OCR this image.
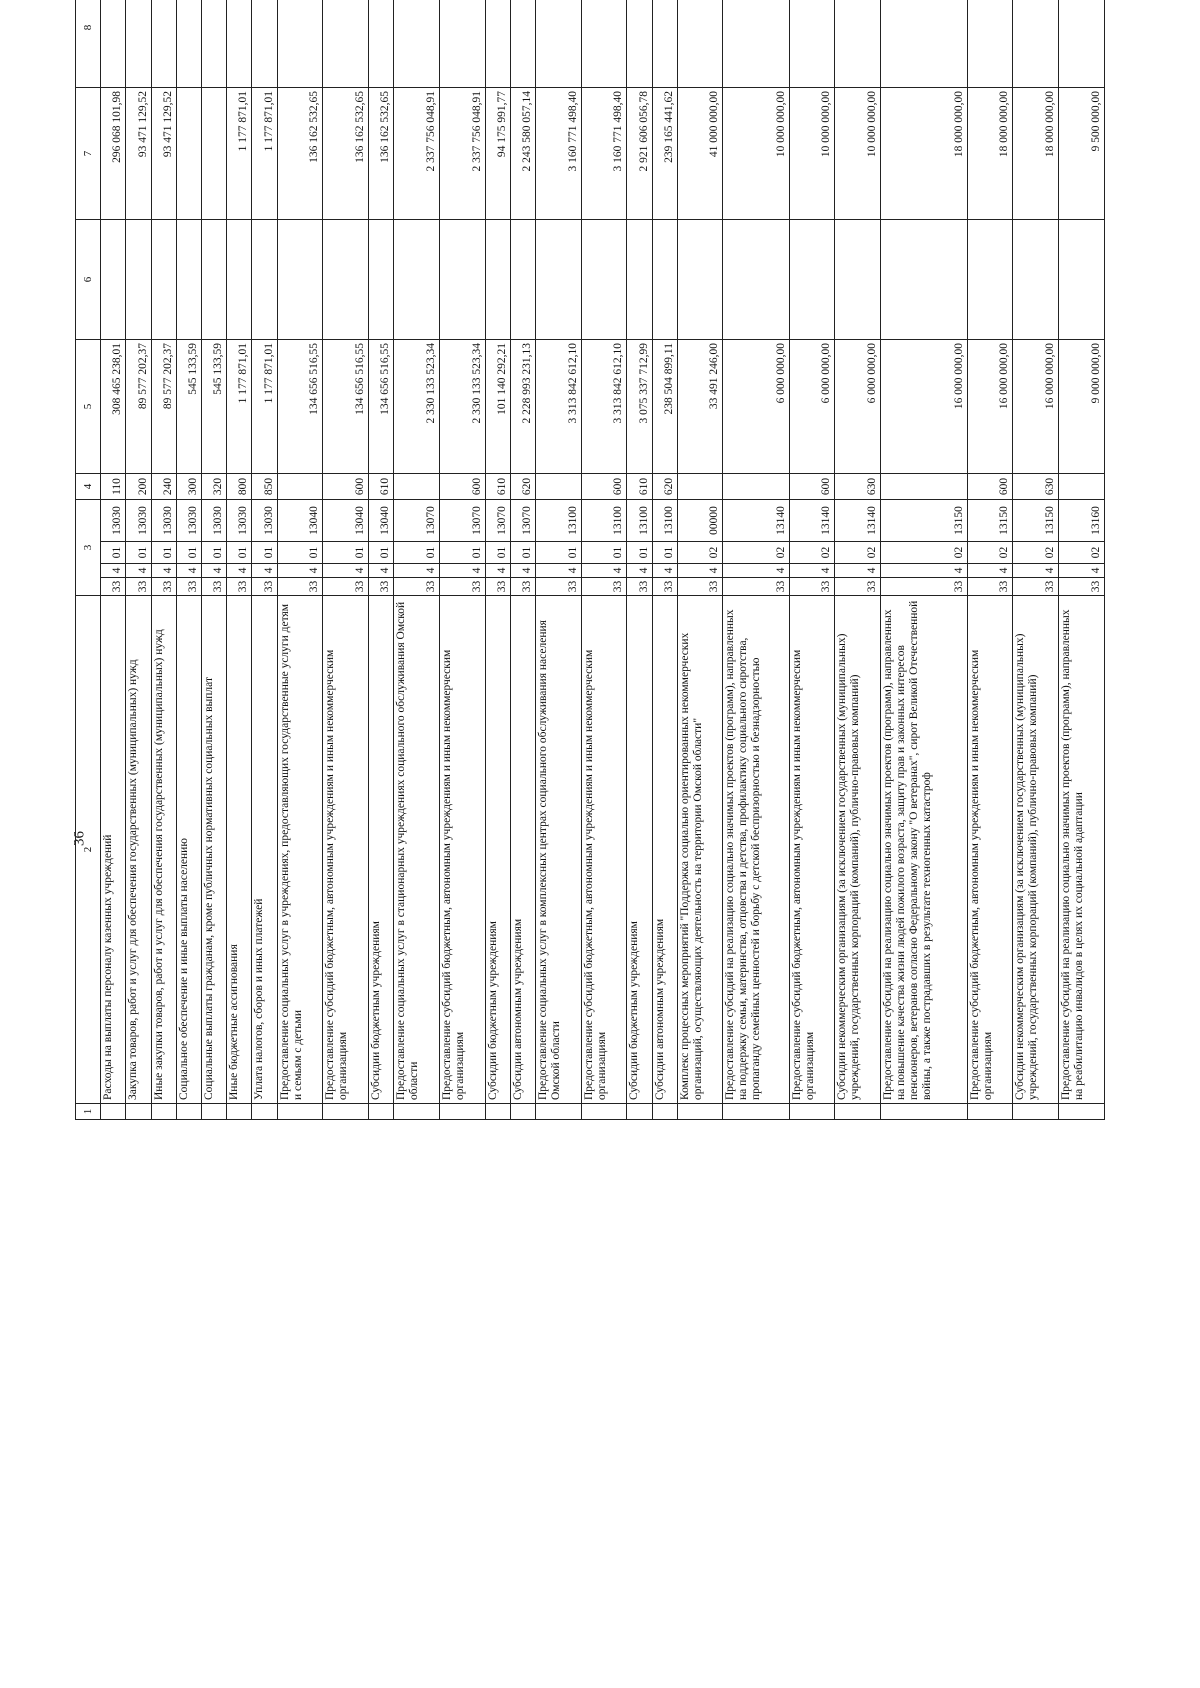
36
1	2	3				4	5	6	7	8		
	Расходы на выплаты персоналу казенных учреждений	33	4	01	13030	110	308 465 238,01		296 068 101,98			
	Закупка товаров, работ и услуг для обеспечения государственных (муниципальных) нужд	33	4	01	13030	200	89 577 202,37		93 471 129,52			
	Иные закупки товаров, работ и услуг для обеспечения государственных (муниципальных) нужд	33	4	01	13030	240	89 577 202,37		93 471 129,52			
	Социальное обеспечение и иные выплаты населению	33	4	01	13030	300	545 133,59					
	Социальные выплаты гражданам, кроме публичных нормативных социальных выплат	33	4	01	13030	320	545 133,59					
	Иные бюджетные ассигнования	33	4	01	13030	800	1 177 871,01		1 177 871,01			
	Уплата налогов, сборов и иных платежей	33	4	01	13030	850	1 177 871,01		1 177 871,01			
	Предоставление социальных услуг в учреждениях, предоставляющих государственные услуги детям и семьям с детьми	33	4	01	13040		134 656 516,55		136 162 532,65			
	Предоставление субсидий бюджетным, автономным учреждениям и иным некоммерческим организациям	33	4	01	13040	600	134 656 516,55		136 162 532,65			
	Субсидии бюджетным учреждениям	33	4	01	13040	610	134 656 516,55		136 162 532,65			
	Предоставление социальных услуг в стационарных учреждениях социального обслуживания Омской области	33	4	01	13070		2 330 133 523,34		2 337 756 048,91			
	Предоставление субсидий бюджетным, автономным учреждениям и иным некоммерческим организациям	33	4	01	13070	600	2 330 133 523,34		2 337 756 048,91			
	Субсидии бюджетным учреждениям	33	4	01	13070	610	101 140 292,21		94 175 991,77			
	Субсидии автономным учреждениям	33	4	01	13070	620	2 228 993 231,13		2 243 580 057,14			
	Предоставление социальных услуг в комплексных центрах социального обслуживания населения Омской области	33	4	01	13100		3 313 842 612,10		3 160 771 498,40			
	Предоставление субсидий бюджетным, автономным учреждениям и иным некоммерческим организациям	33	4	01	13100	600	3 313 842 612,10		3 160 771 498,40			
	Субсидии бюджетным учреждениям	33	4	01	13100	610	3 075 337 712,99		2 921 606 056,78			
	Субсидии автономным учреждениям	33	4	01	13100	620	238 504 899,11		239 165 441,62			
	Комплекс процессных мероприятий "Поддержка социально ориентированных некоммерческих организаций, осуществляющих деятельность на территории Омской области"	33	4	02	00000		33 491 246,00		41 000 000,00			
	Предоставление субсидий на реализацию социально значимых проектов (программ), направленных на поддержку семьи, материнства, отцовства и детства, профилактику социального сиротства, пропаганду семейных ценностей и борьбу с детской беспризорностью и безнадзорностью	33	4	02	13140		6 000 000,00		10 000 000,00			
	Предоставление субсидий бюджетным, автономным учреждениям и иным некоммерческим организациям	33	4	02	13140	600	6 000 000,00		10 000 000,00			
	Субсидии некоммерческим организациям (за исключением государственных (муниципальных) учреждений, государственных корпораций (компаний), публично-правовых компаний)	33	4	02	13140	630	6 000 000,00		10 000 000,00			
	Предоставление субсидий на реализацию социально значимых проектов (программ), направленных на повышение качества жизни людей пожилого возраста, защиту прав и законных интересов пенсионеров, ветеранов согласно Федеральному закону "О ветеранах", сирот Великой Отечественной войны, а также пострадавших в результате техногенных катастроф	33	4	02	13150		16 000 000,00		18 000 000,00			
	Предоставление субсидий бюджетным, автономным учреждениям и иным некоммерческим организациям	33	4	02	13150	600	16 000 000,00		18 000 000,00			
	Субсидии некоммерческим организациям (за исключением государственных (муниципальных) учреждений, государственных корпораций (компаний), публично-правовых компаний)	33	4	02	13150	630	16 000 000,00		18 000 000,00			
	Предоставление субсидий на реализацию социально значимых проектов (программ), направленных на реабилитацию инвалидов в целях их социальной адаптации	33	4	02	13160		9 000 000,00		9 500 000,00			
